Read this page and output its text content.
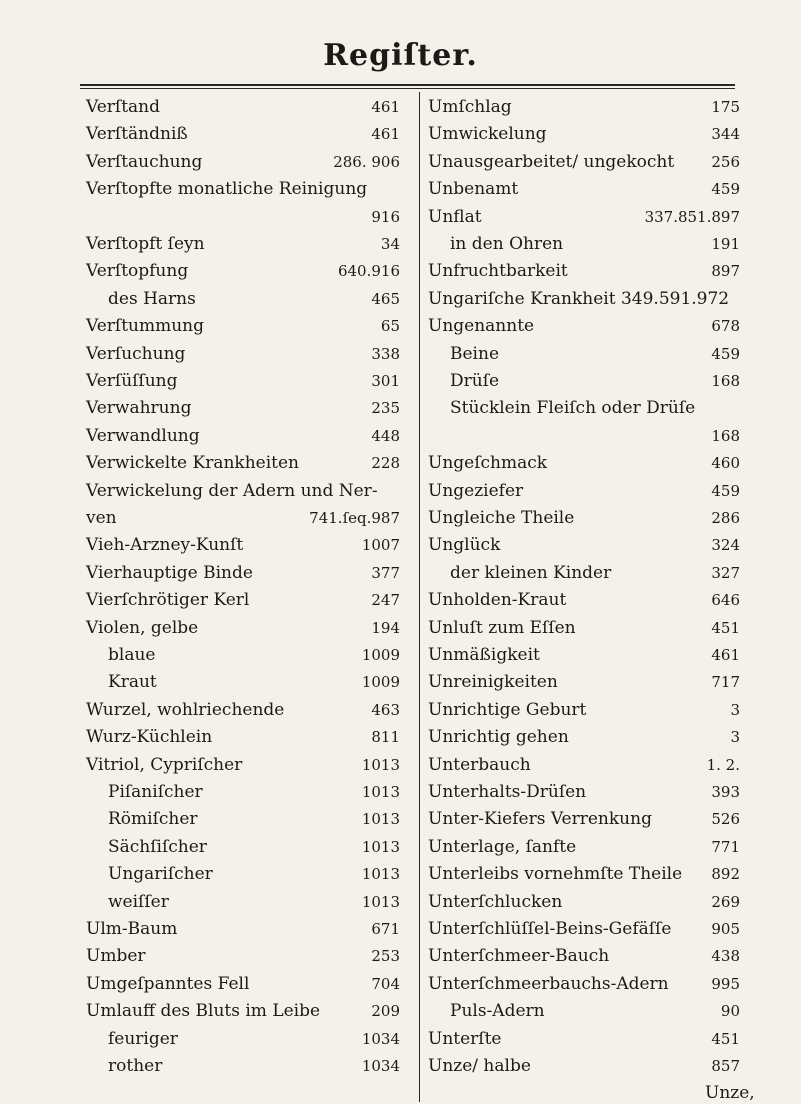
Regiſter.
Verſtand	461
Verſtändniß	461
Verſtauchung	286. 906
Verſtopfte monatliche Reinigung
916
Verſtopft ſeyn	34
Verſtopfung	640.916
des Harns	465
Verſtummung	65
Verſuchung	338
Verſüſſung	301
Verwahrung	235
Verwandlung	448
Verwickelte Krankheiten	228
Verwickelung der Adern und Ner-
ven	741.ſeq.987
Vieh-Arzney-Kunſt	1007
Vierhauptige Binde	377
Vierſchrötiger Kerl	247
Violen, gelbe	194
blaue	1009
Kraut	1009
Wurzel, wohlriechende	463
Wurz-Küchlein	811
Vitriol, Cypriſcher	1013
Piſaniſcher	1013
Römiſcher	1013
Sächſiſcher	1013
Ungariſcher	1013
weiſſer	1013
Ulm-Baum	671
Umber	253
Umgeſpanntes Fell	704
Umlauff des Bluts im Leibe	209
feuriger	1034
rother	1034
Umſchlag	175
Umwickelung	344
Unausgearbeitet/ ungekocht 256
Unbenamt	459
Unflat	337.851.897
in den Ohren	191
Unfruchtbarkeit	897
Ungariſche Krankheit 349.591.972
Ungenannte	678
Beine	459
Drüſe	168
Stücklein Fleiſch oder Drüſe
168
Ungeſchmack	460
Ungeziefer	459
Ungleiche Theile	286
Unglück	324
der kleinen Kinder	327
Unholden-Kraut	646
Unluſt zum Eſſen	451
Unmäßigkeit	461
Unreinigkeiten	717
Unrichtige Geburt	3
Unrichtig gehen	3
Unterbauch	1. 2.
Unterhalts-Drüſen	393
Unter-Kiefers Verrenkung	526
Unterlage, ſanfte	771
Unterleibs vornehmſte Theile 892
Unterſchlucken	269
Unterſchlüſſel-Beins-Gefäſſe	905
Unterſchmeer-Bauch	438
Unterſchmeerbauchs-Adern	995
Puls-Adern	90
Unterſte	451
Unze/ halbe	857
Unze,
